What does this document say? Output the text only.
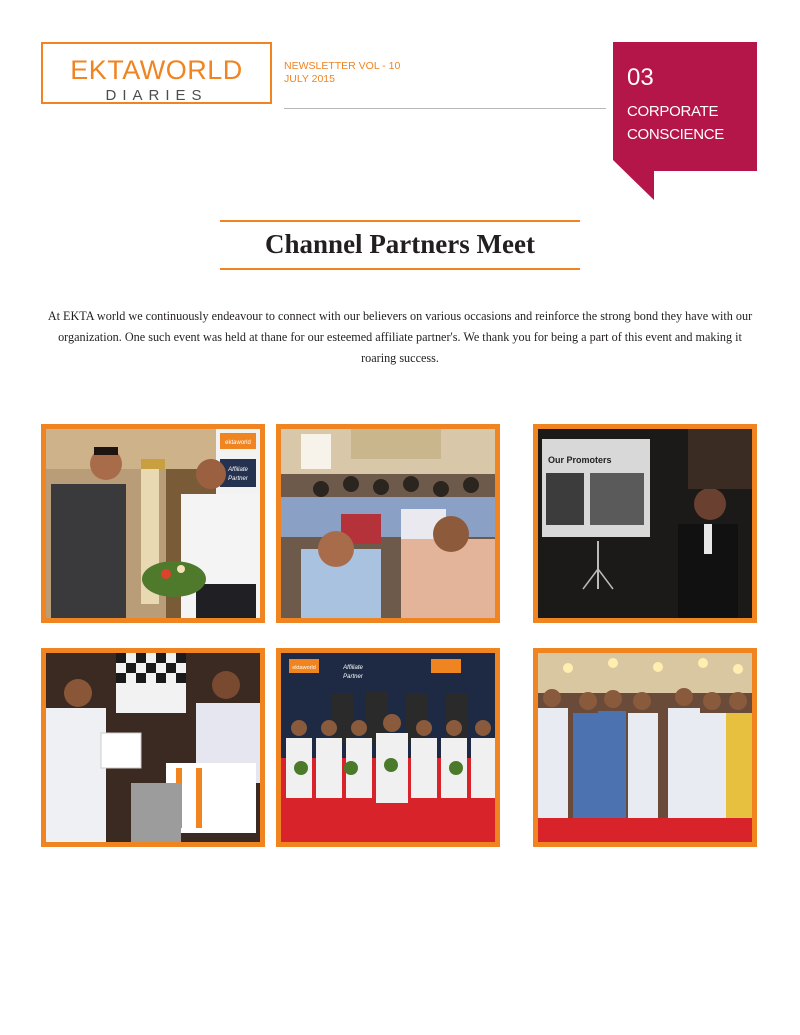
EKTAWORLD
DIARIES
NEWSLETTER VOL - 10
JULY 2015	03
CORPORATE
CONSCIENCE
Channel Partners Meet
At EKTA world we continuously endeavour to connect with our believers on various occasions and reinforce the strong bond they have with our organization. One such event was held at thane for our esteemed affiliate partner's. We thank you for being a part of this event and making it roaring success.
ektaworld
Affiliate
Partner
Our Promoters
ektaworld	Affiliate
Partner
